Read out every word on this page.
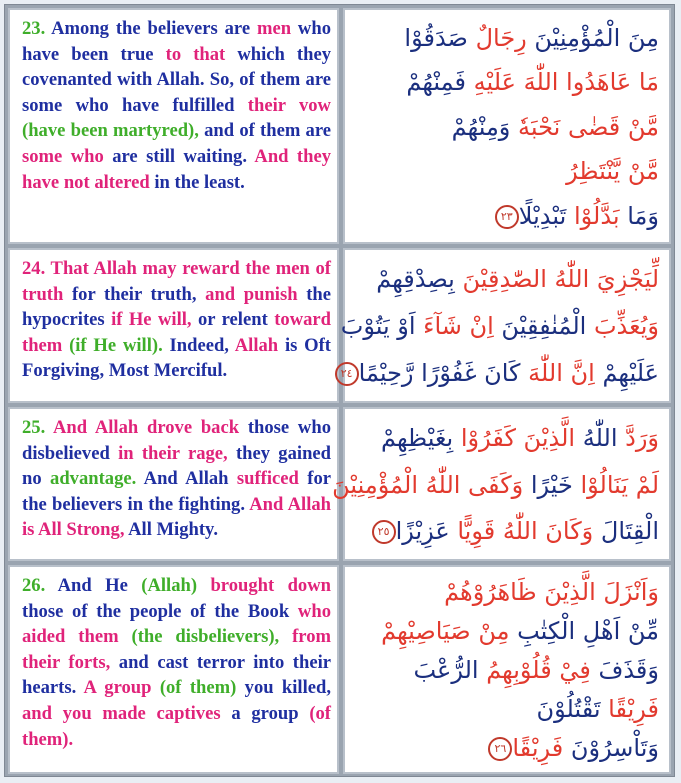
23. Among the believers are men who have been true to that which they covenanted with Allah. So, of them are some who have fulfilled their vow (have been martyred), and of them are some who are still waiting. And they have not altered in the least.

مِنَ الْمُؤْمِنِيْنَ رِجَالٌ صَدَقُوْا
مَا عَاهَدُوا اللّٰهَ عَلَيْهِ فَمِنْهُمْ
مَّنْ قَضٰى نَحْبَهٗ وَمِنْهُمْ
مَّنْ يَّنْتَظِرُ
وَمَا بَدَّلُوْا تَبْدِيْلًا٢٣

24. That Allah may reward the men of truth for their truth, and punish the hypocrites if He will, or relent toward them (if He will). Indeed, Allah is Oft Forgiving, Most Merciful.

لِّيَجْزِيَ اللّٰهُ الصّٰدِقِيْنَ بِصِدْقِهِمْ
وَيُعَذِّبَ الْمُنٰفِقِيْنَ اِنْ شَآءَ اَوْ يَتُوْبَ
عَلَيْهِمْ اِنَّ اللّٰهَ كَانَ غَفُوْرًا رَّحِيْمًا٢٤

25. And Allah drove back those who disbelieved in their rage, they gained no advantage. And Allah sufficed for the believers in the fighting. And Allah is All Strong, All Mighty.

وَرَدَّ اللّٰهُ الَّذِيْنَ كَفَرُوْا بِغَيْظِهِمْ
لَمْ يَنَالُوْا خَيْرًا وَكَفَى اللّٰهُ الْمُؤْمِنِيْنَ
الْقِتَالَ وَكَانَ اللّٰهُ قَوِيًّا عَزِيْزًا٢٥

26. And He (Allah) brought down those of the people of the Book who aided them (the disbelievers), from their forts, and cast terror into their hearts. A group (of them) you killed, and you made captives a group (of them).

وَاَنْزَلَ الَّذِيْنَ ظَاهَرُوْهُمْ
مِّنْ اَهْلِ الْكِتٰبِ مِنْ صَيَاصِيْهِمْ
وَقَذَفَ فِيْ قُلُوْبِهِمُ الرُّعْبَ
فَرِيْقًا تَقْتُلُوْنَ
وَتَاْسِرُوْنَ فَرِيْقًا٢٦
